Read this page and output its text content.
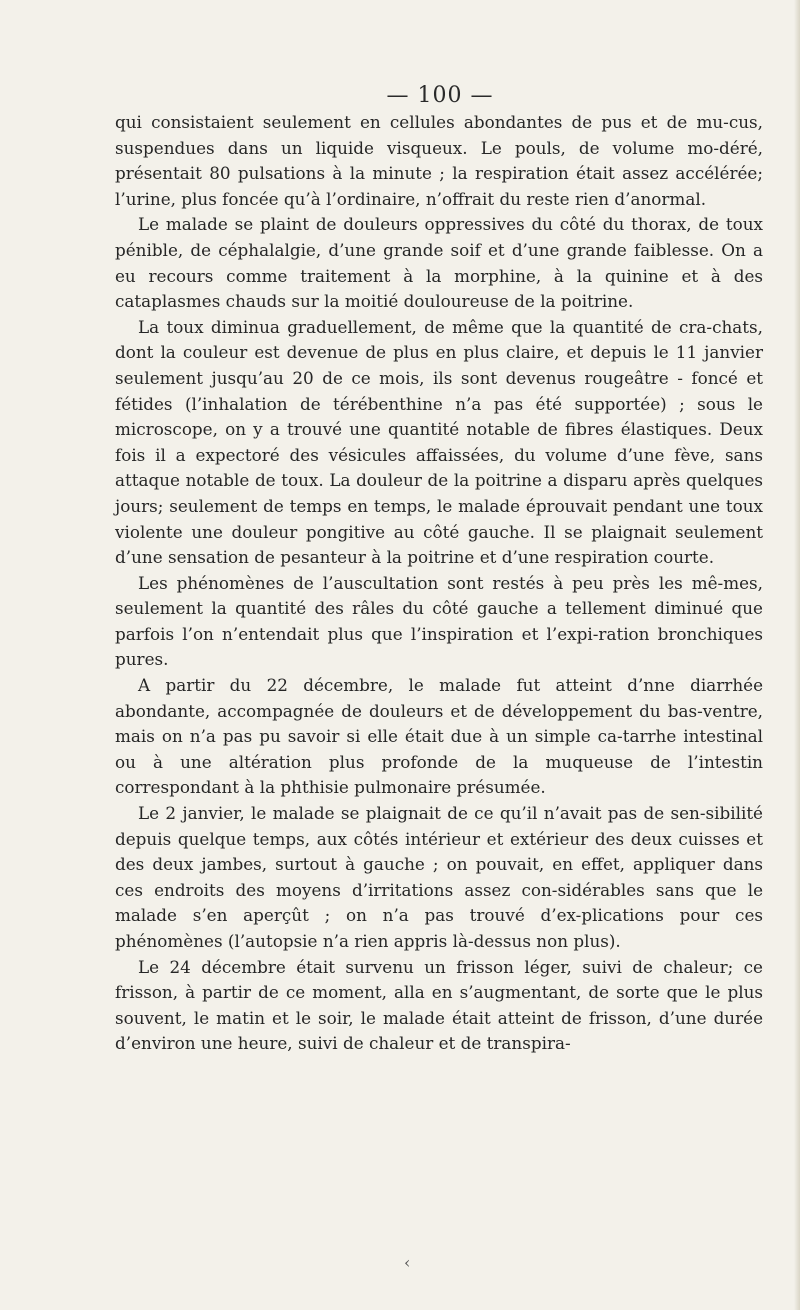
— 100 —

qui consistaient seulement en cellules abondantes de pus et de mu-cus, suspendues dans un liquide visqueux. Le pouls, de volume mo-déré, présentait 80 pulsations à la minute ; la respiration était assez accélérée; l’urine, plus foncée qu’à l’ordinaire, n’offrait du reste rien d’anormal.

Le malade se plaint de douleurs oppressives du côté du thorax, de toux pénible, de céphalalgie, d’une grande soif et d’une grande faiblesse. On a eu recours comme traitement à la morphine, à la quinine et à des cataplasmes chauds sur la moitié douloureuse de la poitrine.

La toux diminua graduellement, de même que la quantité de cra-chats, dont la couleur est devenue de plus en plus claire, et depuis le 11 janvier seulement jusqu’au 20 de ce mois, ils sont devenus rougeâtre - foncé et fétides (l’inhalation de térébenthine n’a pas été supportée) ; sous le microscope, on y a trouvé une quantité notable de fibres élastiques. Deux fois il a expectoré des vésicules affaissées, du volume d’une fève, sans attaque notable de toux. La douleur de la poitrine a disparu après quelques jours; seulement de temps en temps, le malade éprouvait pendant une toux violente une douleur pongitive au côté gauche. Il se plaignait seulement d’une sensation de pesanteur à la poitrine et d’une respiration courte.

Les phénomènes de l’auscultation sont restés à peu près les mê-mes, seulement la quantité des râles du côté gauche a tellement diminué que parfois l’on n’entendait plus que l’inspiration et l’expi-ration bronchiques pures.

A partir du 22 décembre, le malade fut atteint d’nne diarrhée abondante, accompagnée de douleurs et de développement du bas-ventre, mais on n’a pas pu savoir si elle était due à un simple ca-tarrhe intestinal ou à une altération plus profonde de la muqueuse de l’intestin correspondant à la phthisie pulmonaire présumée.

Le 2 janvier, le malade se plaignait de ce qu’il n’avait pas de sen-sibilité depuis quelque temps, aux côtés intérieur et extérieur des deux cuisses et des deux jambes, surtout à gauche ; on pouvait, en effet, appliquer dans ces endroits des moyens d’irritations assez con-sidérables sans que le malade s’en aperçût ; on n’a pas trouvé d’ex-plications pour ces phénomènes (l’autopsie n’a rien appris là-dessus non plus).

Le 24 décembre était survenu un frisson léger, suivi de chaleur; ce frisson, à partir de ce moment, alla en s’augmentant, de sorte que le plus souvent, le matin et le soir, le malade était atteint de frisson, d’une durée d’environ une heure, suivi de chaleur et de transpira-

‹
